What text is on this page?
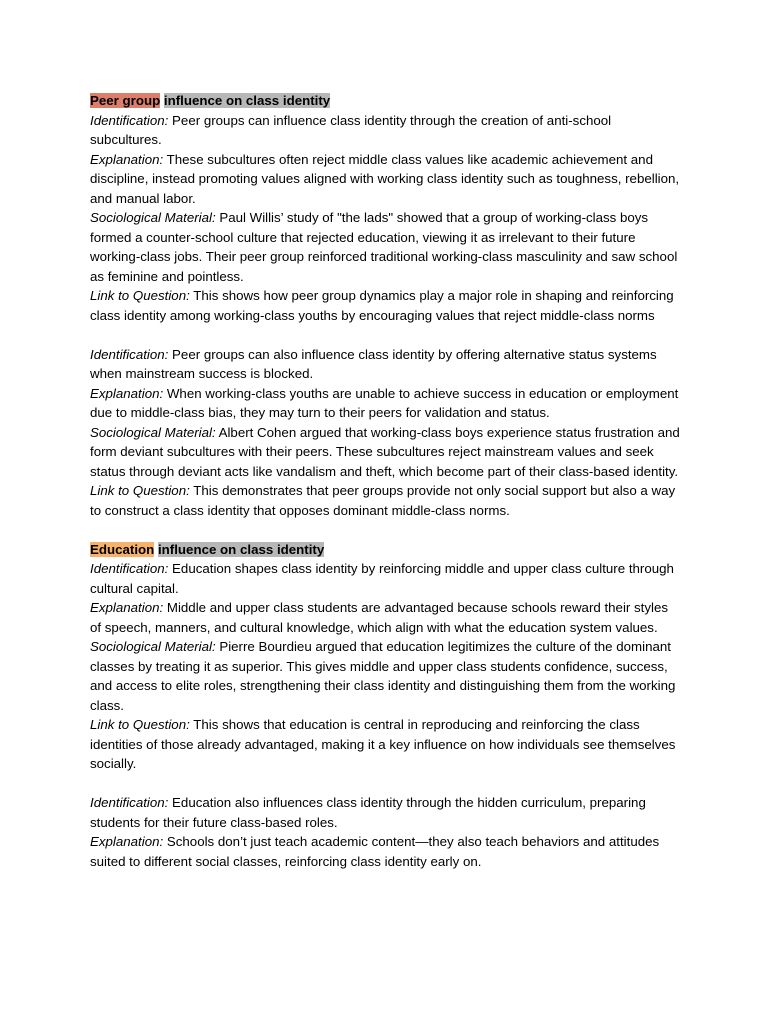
Peer group influence on class identity

Identification: Peer groups can influence class identity through the creation of anti-school subcultures.

Explanation: These subcultures often reject middle class values like academic achievement and discipline, instead promoting values aligned with working class identity such as toughness, rebellion, and manual labor.

Sociological Material: Paul Willis’ study of "the lads" showed that a group of working-class boys formed a counter-school culture that rejected education, viewing it as irrelevant to their future working-class jobs. Their peer group reinforced traditional working-class masculinity and saw school as feminine and pointless.

Link to Question: This shows how peer group dynamics play a major role in shaping and reinforcing class identity among working-class youths by encouraging values that reject middle-class norms

Identification: Peer groups can also influence class identity by offering alternative status systems when mainstream success is blocked.

Explanation: When working-class youths are unable to achieve success in education or employment due to middle-class bias, they may turn to their peers for validation and status.

Sociological Material: Albert Cohen argued that working-class boys experience status frustration and form deviant subcultures with their peers. These subcultures reject mainstream values and seek status through deviant acts like vandalism and theft, which become part of their class-based identity.

Link to Question: This demonstrates that peer groups provide not only social support but also a way to construct a class identity that opposes dominant middle-class norms.

Education influence on class identity

Identification: Education shapes class identity by reinforcing middle and upper class culture through cultural capital.

Explanation: Middle and upper class students are advantaged because schools reward their styles of speech, manners, and cultural knowledge, which align with what the education system values.

Sociological Material: Pierre Bourdieu argued that education legitimizes the culture of the dominant classes by treating it as superior. This gives middle and upper class students confidence, success, and access to elite roles, strengthening their class identity and distinguishing them from the working class.

Link to Question: This shows that education is central in reproducing and reinforcing the class identities of those already advantaged, making it a key influence on how individuals see themselves socially.

Identification: Education also influences class identity through the hidden curriculum, preparing students for their future class-based roles.

Explanation: Schools don’t just teach academic content—they also teach behaviors and attitudes suited to different social classes, reinforcing class identity early on.
